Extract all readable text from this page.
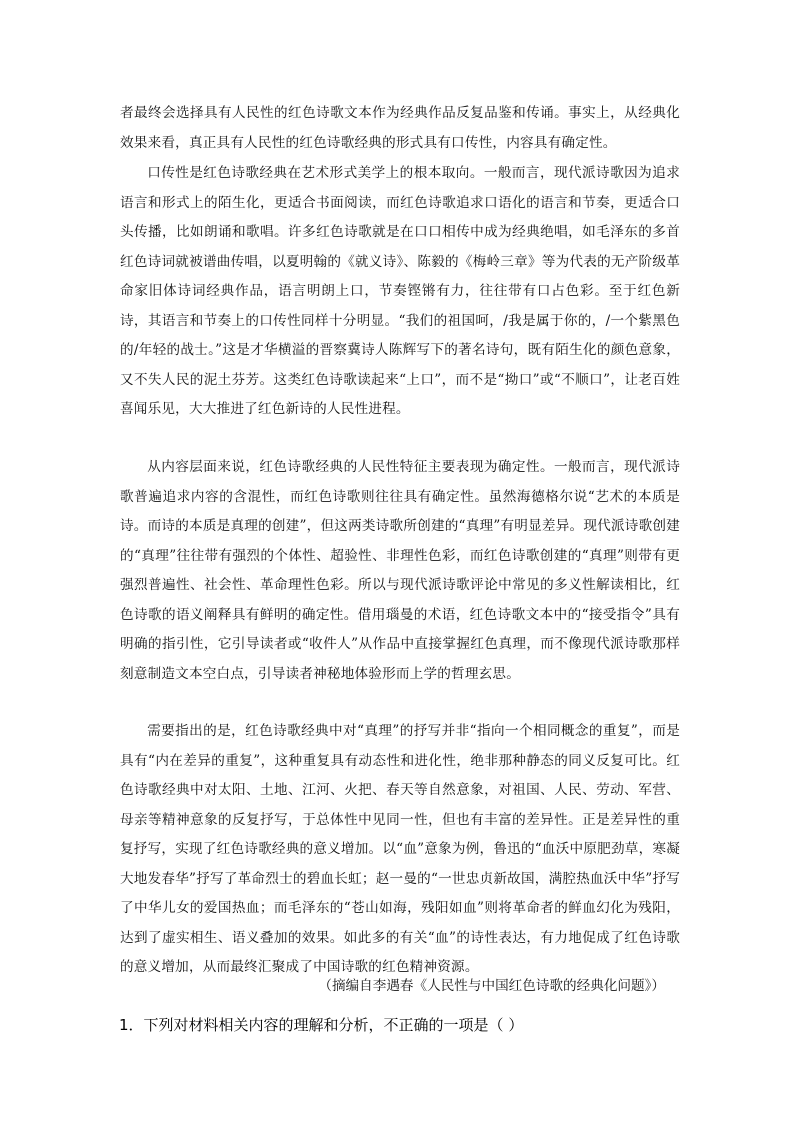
者最终会选择具有人民性的红色诗歌文本作为经典作品反复品鉴和传诵。事实上，从经典化效果来看，真正具有人民性的红色诗歌经典的形式具有口传性，内容具有确定性。

口传性是红色诗歌经典在艺术形式美学上的根本取向。一般而言，现代派诗歌因为追求语言和形式上的陌生化，更适合书面阅读，而红色诗歌追求口语化的语言和节奏，更适合口头传播，比如朗诵和歌唱。许多红色诗歌就是在口口相传中成为经典绝唱，如毛泽东的多首红色诗词就被谱曲传唱，以夏明翰的《就义诗》、陈毅的《梅岭三章》等为代表的无产阶级革命家旧体诗词经典作品，语言明朗上口，节奏铿锵有力，往往带有口占色彩。至于红色新诗，其语言和节奏上的口传性同样十分明显。“我们的祖国呵，/我是属于你的，/一个紫黑色的/年轻的战士。”这是才华横溢的晋察冀诗人陈辉写下的著名诗句，既有陌生化的颜色意象，又不失人民的泥土芬芳。这类红色诗歌读起来“上口”，而不是“拗口”或“不顺口”，让老百姓喜闻乐见，大大推进了红色新诗的人民性进程。

从内容层面来说，红色诗歌经典的人民性特征主要表现为确定性。一般而言，现代派诗歌普遍追求内容的含混性，而红色诗歌则往往具有确定性。虽然海德格尔说“艺术的本质是诗。而诗的本质是真理的创建”，但这两类诗歌所创建的“真理”有明显差异。现代派诗歌创建的“真理”往往带有强烈的个体性、超验性、非理性色彩，而红色诗歌创建的“真理”则带有更强烈普遍性、社会性、革命理性色彩。所以与现代派诗歌评论中常见的多义性解读相比，红色诗歌的语义阐释具有鲜明的确定性。借用瑙曼的术语，红色诗歌文本中的“接受指令”具有明确的指引性，它引导读者或“收件人”从作品中直接掌握红色真理，而不像现代派诗歌那样刻意制造文本空白点，引导读者神秘地体验形而上学的哲理玄思。

需要指出的是，红色诗歌经典中对“真理”的抒写并非“指向一个相同概念的重复”，而是具有“内在差异的重复”，这种重复具有动态性和进化性，绝非那种静态的同义反复可比。红色诗歌经典中对太阳、土地、江河、火把、春天等自然意象，对祖国、人民、劳动、军营、母亲等精神意象的反复抒写，于总体性中见同一性，但也有丰富的差异性。正是差异性的重复抒写，实现了红色诗歌经典的意义增加。以“血”意象为例，鲁迅的“血沃中原肥劲草，寒凝大地发春华”抒写了革命烈士的碧血长虹；赵一曼的“一世忠贞新故国，满腔热血沃中华”抒写了中华儿女的爱国热血；而毛泽东的“苍山如海，残阳如血”则将革命者的鲜血幻化为残阳，达到了虚实相生、语义叠加的效果。如此多的有关“血”的诗性表达，有力地促成了红色诗歌的意义增加，从而最终汇聚成了中国诗歌的红色精神资源。

（摘编自李遇春《人民性与中国红色诗歌的经典化问题》）

1．下列对材料相关内容的理解和分析，不正确的一项是（ ）
